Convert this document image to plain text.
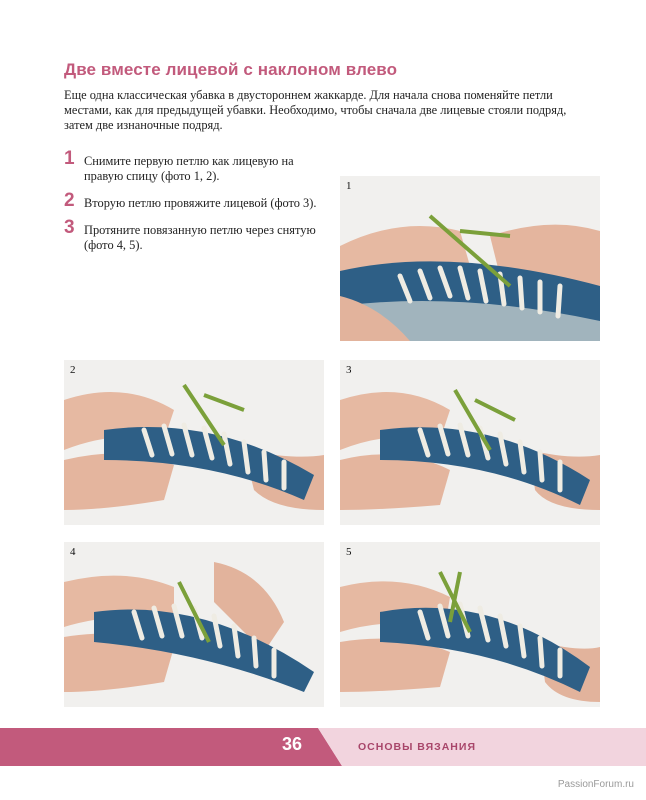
Две вместе лицевой с наклоном влево
Еще одна классическая убавка в двустороннем жаккарде. Для начала снова поменяйте петли местами, как для предыдущей убавки. Необходимо, чтобы сначала две лицевые стояли подряд, затем две изнаночные подряд.
1 Снимите первую петлю как лицевую на правую спицу (фото 1, 2).
2 Вторую петлю провяжите лицевой (фото 3).
3 Протяните повязанную петлю через снятую (фото 4, 5).
1
2	3
4	5
36	ОСНОВЫ ВЯЗАНИЯ
PassionForum.ru
